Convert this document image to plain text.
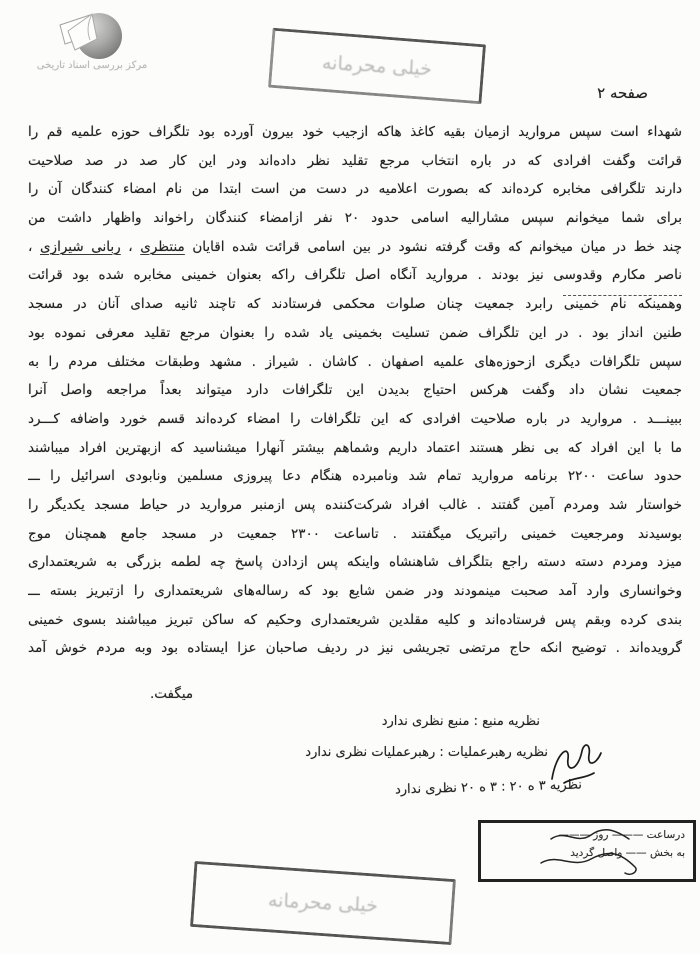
مرکز بررسی اسناد تاریخی	خیلی محرمانه
صفحه ۲

شهداء است سپس مروارید ازمیان بقیه کاغذ هاکه ازجیب خود بیرون آورده بود تلگراف حوزه علمیه قم را

قرائت وگفت افرادی که در باره انتخاب مرجع تقلید نظر داده‌اند ودر این کار صد در صد صلاحیت

دارند تلگرافی مخابره کرده‌اند که بصورت اعلامیه در دست من است ابتدا من نام امضاء کنندگان آن را

برای شما میخوانم سپس مشارالیه اسامی حدود ۲۰ نفر ازامضاء کنندگان راخواند واظهار داشت من

چند خط در میان میخوانم که وقت گرفته نشود در بین اسامی قرائت شده اقایان منتظری ، ربانی شیرازی ،

ناصر مکارم وقدوسی نیز بودند . مروارید آنگاه اصل تلگراف راکه بعنوان خمینی مخابره شده بود قرائت

وهمینکه نام خمینی رابرد جمعیت چنان صلوات محکمی فرستادند که تاچند ثانیه صدای آنان در مسجد

طنین انداز بود . در این تلگراف ضمن تسلیت بخمینی یاد شده را بعنوان مرجع تقلید معرفی نموده بود

سپس تلگرافات دیگری ازحوزه‌های علمیه اصفهان . کاشان . شیراز . مشهد وطبقات مختلف مردم را به

جمعیت نشان داد وگفت هرکس احتیاج بدیدن این تلگرافات دارد میتواند بعداً مراجعه واصل آنرا

ببینـــد . مروارید در باره صلاحیت افرادی که این تلگرافات را امضاء کرده‌اند قسم خورد واضافه کـــرد

ما با این افراد که بی نظر هستند اعتماد داریم وشماهم بیشتر آنهارا میشناسید که ازبهترین افراد میباشند

حدود ساعت ۲۲۰۰ برنامه مروارید تمام شد ونامبرده هنگام دعا پیروزی مسلمین ونابودی اسرائیل را ـــ

خواستار شد ومردم آمین گفتند . غالب افراد شرکت‌کننده پس ازمنبر مروارید در حیاط مسجد یکدیگر را

بوسیدند ومرجعیت خمینی راتبریک میگفتند . تاساعت ۲۳۰۰ جمعیت در مسجد جامع همچنان موج

میزد ومردم دسته دسته راجع بتلگراف شاهنشاه واینکه پس ازدادن پاسخ چه لطمه بزرگی به شریعتمداری

وخوانساری وارد آمد صحبت مینمودند ودر ضمن شایع بود که رساله‌های شریعتمداری را ازتبریز بسته ـــ

بندی کرده وبقم پس فرستاده‌اند و کلیه مقلدین شریعتمداری وحکیم که ساکن تبریز میباشند بسوی خمینی

گرویده‌اند . توضیح انکه حاج مرتضی تجریشی نیز در ردیف صاحبان عزا ایستاده بود وبه مردم خوش آمد

میگفت.
نظریه منبع : منبع نظری ندارد
نظریه رهبرعملیات : رهبرعملیات نظری ندارد
نظریه ۳ ه ۲۰ : ۳ ه ۲۰ نظری ندارد
درساعت ——— روز ———
به بخش —— واصل گردید
خیلی محرمانه
